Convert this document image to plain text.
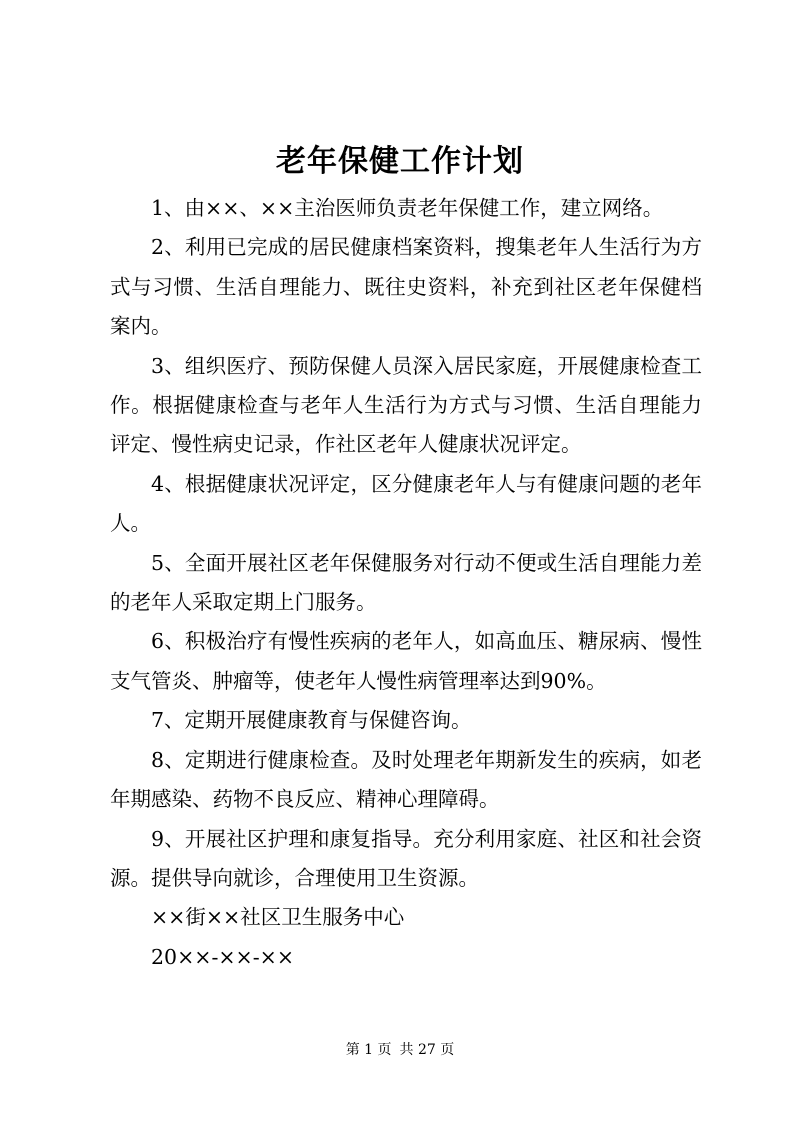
老年保健工作计划

1、由××、××主治医师负责老年保健工作，建立网络。

2、利用已完成的居民健康档案资料，搜集老年人生活行为方式与习惯、生活自理能力、既往史资料，补充到社区老年保健档案内。

3、组织医疗、预防保健人员深入居民家庭，开展健康检查工作。根据健康检查与老年人生活行为方式与习惯、生活自理能力评定、慢性病史记录，作社区老年人健康状况评定。

4、根据健康状况评定，区分健康老年人与有健康问题的老年人。

5、全面开展社区老年保健服务对行动不便或生活自理能力差的老年人采取定期上门服务。

6、积极治疗有慢性疾病的老年人，如高血压、糖尿病、慢性支气管炎、肿瘤等，使老年人慢性病管理率达到90%。

7、定期开展健康教育与保健咨询。

8、定期进行健康检查。及时处理老年期新发生的疾病，如老年期感染、药物不良反应、精神心理障碍。

9、开展社区护理和康复指导。充分利用家庭、社区和社会资源。提供导向就诊，合理使用卫生资源。

××街××社区卫生服务中心

20××-××-××

第 1 页 共 27 页
